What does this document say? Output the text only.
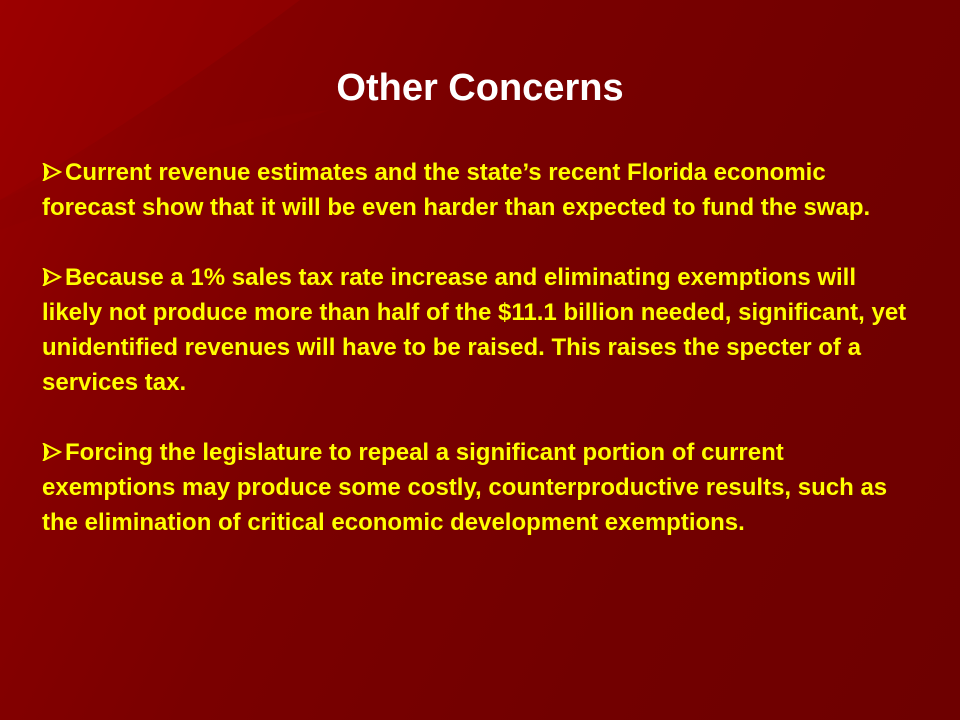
Other Concerns

Current revenue estimates and the state’s recent Florida economic forecast show that it will be even harder than expected to fund the swap.

Because a 1% sales tax rate increase and eliminating exemptions will likely not produce more than half of the $11.1 billion needed, significant, yet unidentified revenues will have to be raised. This raises the specter of a services tax.

Forcing the legislature to repeal a significant portion of current exemptions may produce some costly, counterproductive results, such as the elimination of critical economic development exemptions.
